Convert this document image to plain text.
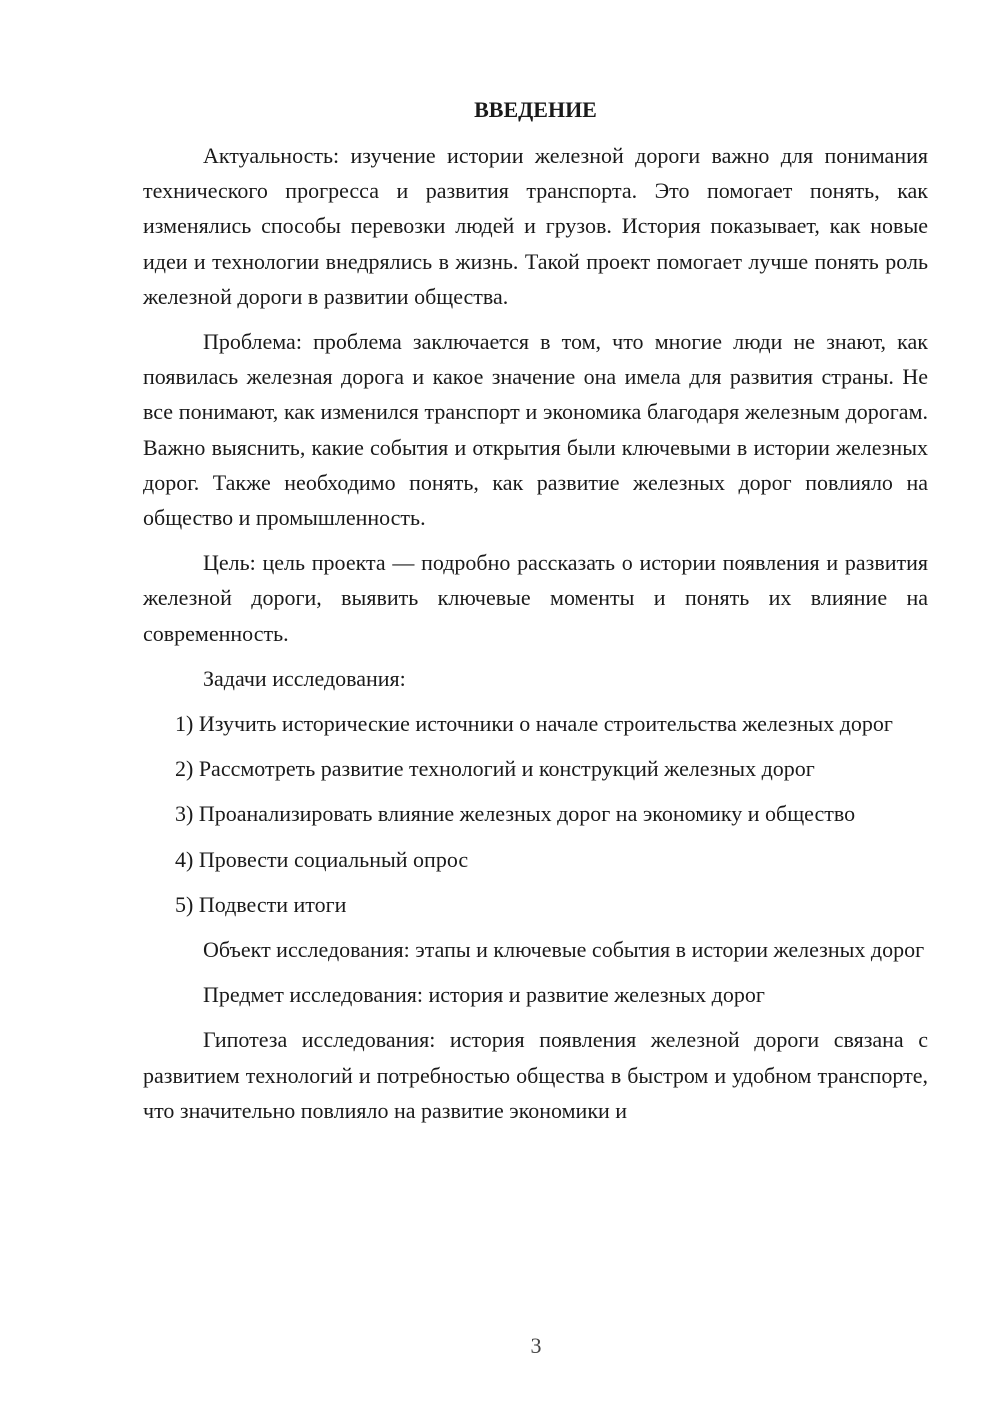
ВВЕДЕНИЕ

Актуальность: изучение истории железной дороги важно для понимания технического прогресса и развития транспорта. Это помогает понять, как изменялись способы перевозки людей и грузов. История показывает, как новые идеи и технологии внедрялись в жизнь. Такой проект помогает лучше понять роль железной дороги в развитии общества.

Проблема: проблема заключается в том, что многие люди не знают, как появилась железная дорога и какое значение она имела для развития страны. Не все понимают, как изменился транспорт и экономика благодаря железным дорогам. Важно выяснить, какие события и открытия были ключевыми в истории железных дорог. Также необходимо понять, как развитие железных дорог повлияло на общество и промышленность.

Цель: цель проекта — подробно рассказать о истории появления и развития железной дороги, выявить ключевые моменты и понять их влияние на современность.

Задачи исследования:

1) Изучить исторические источники о начале строительства железных дорог

2) Рассмотреть развитие технологий и конструкций железных дорог

3) Проанализировать влияние железных дорог на экономику и общество

4) Провести социальный опрос

5) Подвести итоги

Объект исследования: этапы и ключевые события в истории железных дорог

Предмет исследования: история и развитие железных дорог

Гипотеза исследования: история появления железной дороги связана с развитием технологий и потребностью общества в быстром и удобном транспорте, что значительно повлияло на развитие экономики и

3
